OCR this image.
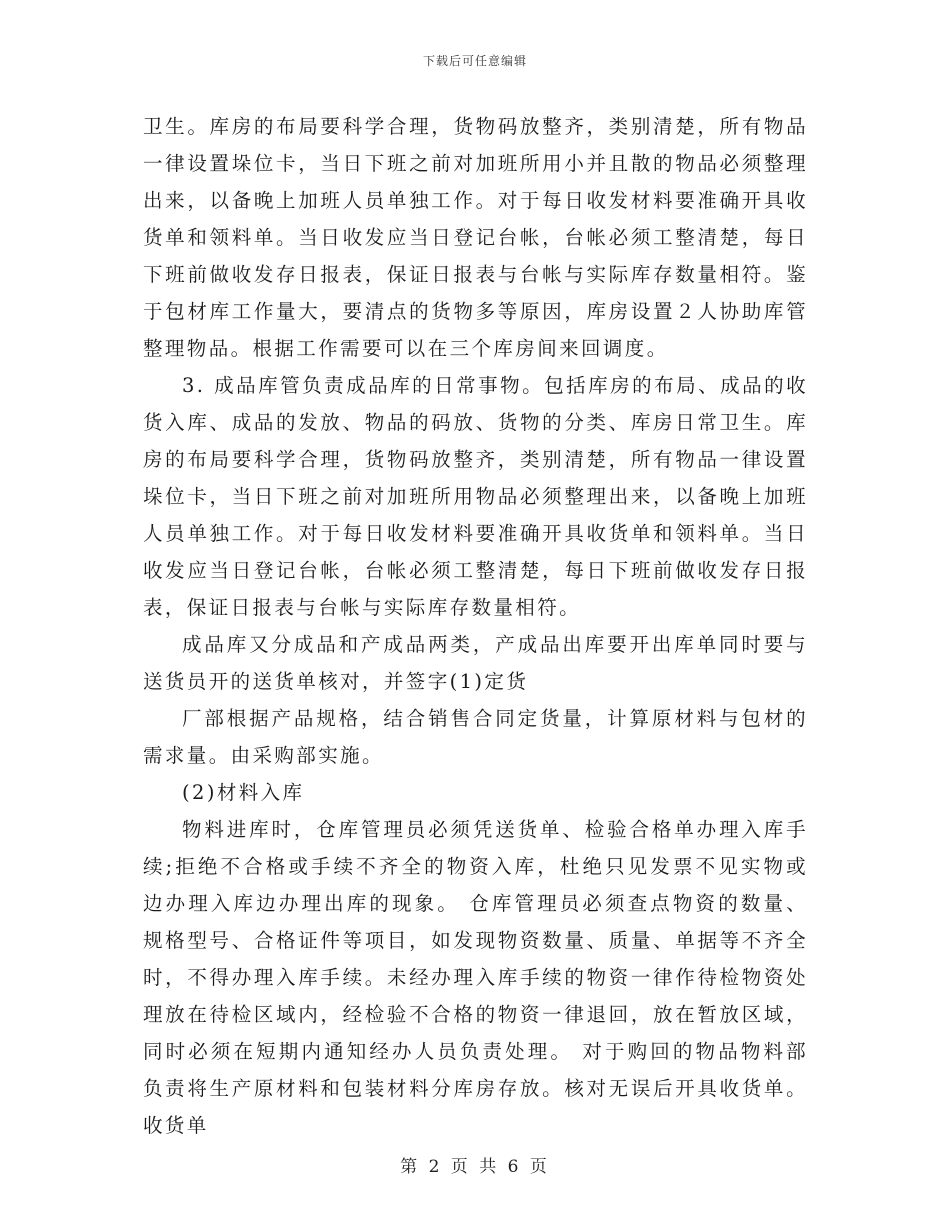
下载后可任意编辑

卫生。库房的布局要科学合理，货物码放整齐，类别清楚，所有物品一律设置垛位卡，当日下班之前对加班所用小并且散的物品必须整理出来，以备晚上加班人员单独工作。对于每日收发材料要准确开具收货单和领料单。当日收发应当日登记台帐，台帐必须工整清楚，每日下班前做收发存日报表，保证日报表与台帐与实际库存数量相符。鉴于包材库工作量大，要清点的货物多等原因，库房设置２人协助库管整理物品。根据工作需要可以在三个库房间来回调度。

3. 成品库管负责成品库的日常事物。包括库房的布局、成品的收货入库、成品的发放、物品的码放、货物的分类、库房日常卫生。库房的布局要科学合理，货物码放整齐，类别清楚，所有物品一律设置垛位卡，当日下班之前对加班所用物品必须整理出来，以备晚上加班人员单独工作。对于每日收发材料要准确开具收货单和领料单。当日收发应当日登记台帐，台帐必须工整清楚，每日下班前做收发存日报表，保证日报表与台帐与实际库存数量相符。

成品库又分成品和产成品两类，产成品出库要开出库单同时要与送货员开的送货单核对，并签字(1)定货

厂部根据产品规格，结合销售合同定货量，计算原材料与包材的需求量。由采购部实施。

(2)材料入库

物料进库时，仓库管理员必须凭送货单、检验合格单办理入库手续;拒绝不合格或手续不齐全的物资入库，杜绝只见发票不见实物或边办理入库边办理出库的现象。 仓库管理员必须查点物资的数量、规格型号、合格证件等项目，如发现物资数量、质量、单据等不齐全时，不得办理入库手续。未经办理入库手续的物资一律作待检物资处理放在待检区域内，经检验不合格的物资一律退回，放在暂放区域，同时必须在短期内通知经办人员负责处理。 对于购回的物品物料部负责将生产原材料和包装材料分库房存放。核对无误后开具收货单。收货单

第 2 页 共 6 页
